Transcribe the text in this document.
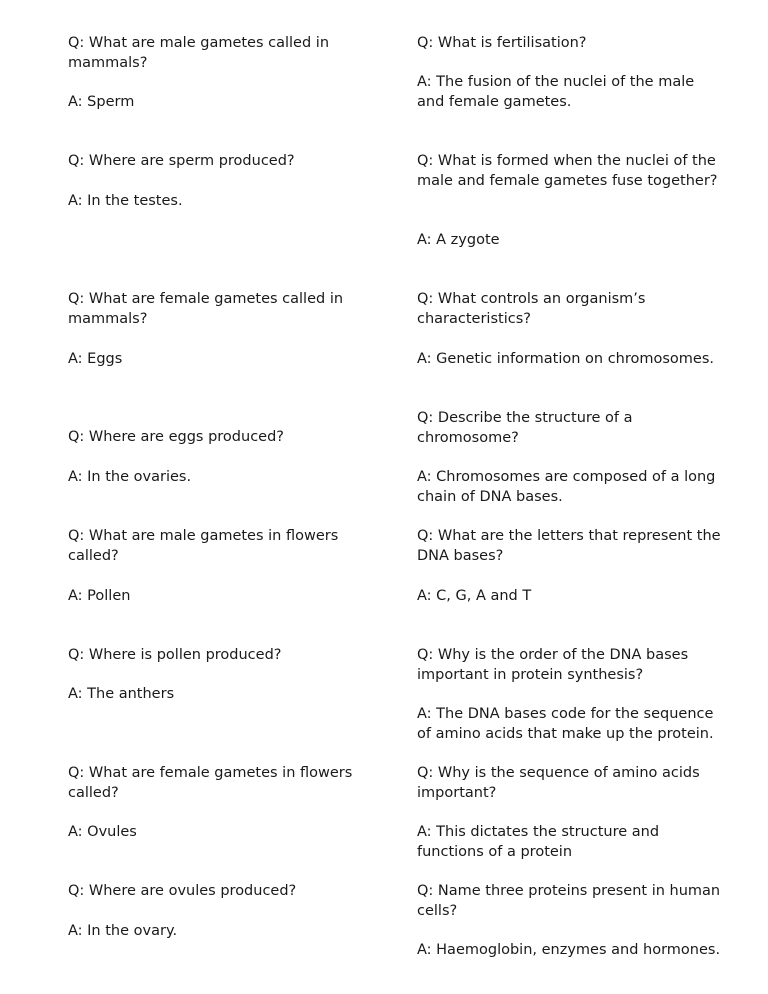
Q: What are male gametes called in mammals?

A: Sperm

Q: Where are sperm produced?

A: In the testes.

Q: What are female gametes called in mammals?

A: Eggs

Q: Where are eggs produced?

A: In the ovaries.

Q: What are male gametes in flowers called?

A: Pollen

Q: Where is pollen produced?

A: The anthers

Q: What are female gametes in flowers called?

A: Ovules

Q: Where are ovules produced?

A: In the ovary.

Q: What is fertilisation?

A: The fusion of the nuclei of the male and female gametes.

Q: What is formed when the nuclei of the male and female gametes fuse together?

A: A zygote

Q: What controls an organism’s characteristics?

A: Genetic information on chromosomes.

Q: Describe the structure of a chromosome?

A: Chromosomes are composed of a long chain of DNA bases.

Q: What are the letters that represent the DNA bases?

A: C, G, A and T

Q: Why is the order of the DNA bases important in protein synthesis?

A: The DNA bases code for the sequence of amino acids that make up the protein.

Q: Why is the sequence of amino acids important?

A: This dictates the structure and functions of a protein

Q: Name three proteins present in human cells?

A: Haemoglobin, enzymes and hormones.
